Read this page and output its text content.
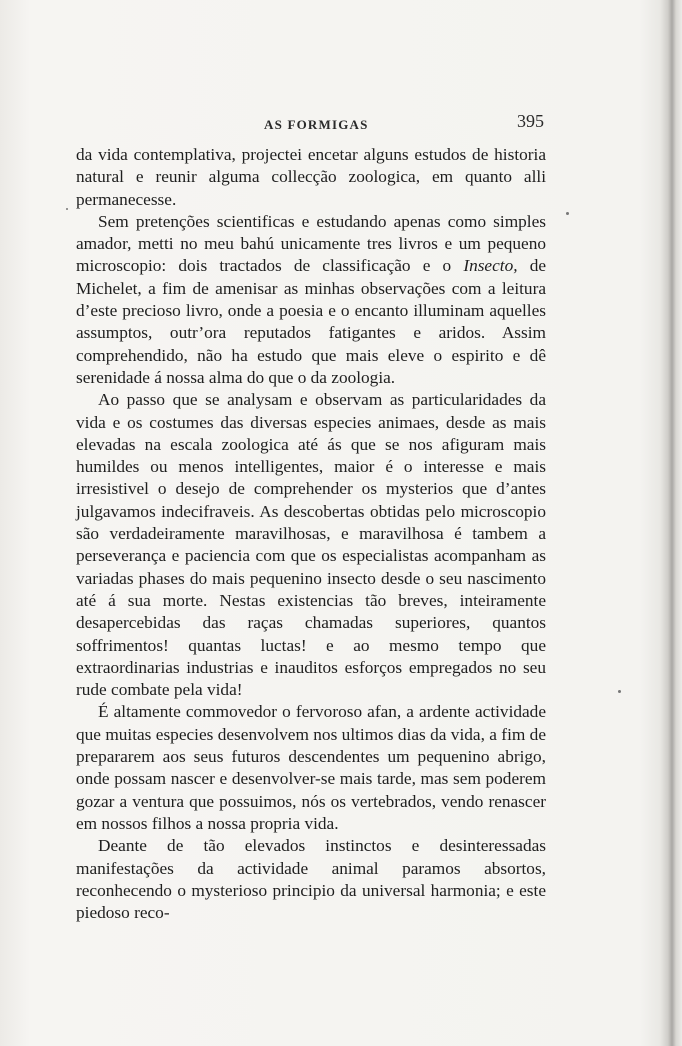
AS FORMIGAS	395

da vida contemplativa, projectei encetar alguns estudos de historia natural e reunir alguma collecção zoologica, em quanto alli permanecesse.

Sem pretenções scientificas e estudando apenas como simples amador, metti no meu bahú unicamente tres livros e um pequeno microscopio: dois tractados de classificação e o Insecto, de Michelet, a fim de amenisar as minhas observações com a leitura d’este precioso livro, onde a poesia e o encanto illuminam aquelles assumptos, outr’ora reputados fatigantes e aridos. Assim comprehendido, não ha estudo que mais eleve o espirito e dê serenidade á nossa alma do que o da zoologia.

Ao passo que se analysam e observam as particularidades da vida e os costumes das diversas especies animaes, desde as mais elevadas na escala zoologica até ás que se nos afiguram mais humildes ou menos intelligentes, maior é o interesse e mais irresistivel o desejo de comprehender os mysterios que d’antes julgavamos indecifraveis. As descobertas obtidas pelo microscopio são verdadeiramente maravilhosas, e maravilhosa é tambem a perseverança e paciencia com que os especialistas acompanham as variadas phases do mais pequenino insecto desde o seu nascimento até á sua morte. Nestas existencias tão breves, inteiramente desapercebidas das raças chamadas superiores, quantos soffrimentos! quantas luctas! e ao mesmo tempo que extraordinarias industrias e inauditos esforços empregados no seu rude combate pela vida!

É altamente commovedor o fervoroso afan, a ardente actividade que muitas especies desenvolvem nos ultimos dias da vida, a fim de prepararem aos seus futuros descendentes um pequenino abrigo, onde possam nascer e desenvolver-se mais tarde, mas sem poderem gozar a ventura que possuimos, nós os vertebrados, vendo renascer em nossos filhos a nossa propria vida.

Deante de tão elevados instinctos e desinteressadas manifestações da actividade animal paramos absortos, reconhecendo o mysterioso principio da universal harmonia; e este piedoso reco-
